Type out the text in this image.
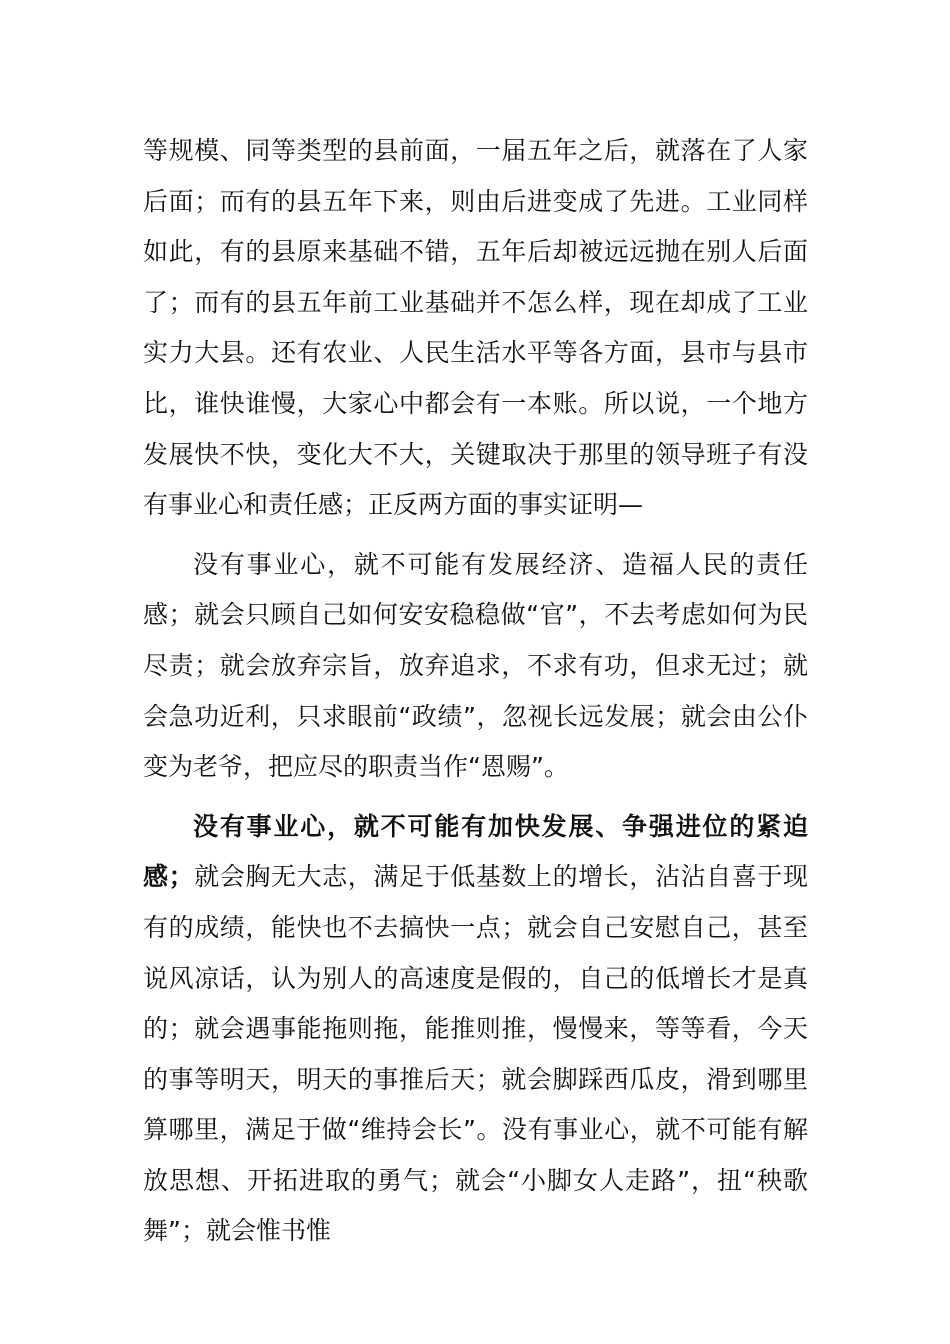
等规模、同等类型的县前面，一届五年之后，就落在了人家后面；而有的县五年下来，则由后进变成了先进。工业同样如此，有的县原来基础不错，五年后却被远远抛在别人后面了；而有的县五年前工业基础并不怎么样，现在却成了工业实力大县。还有农业、人民生活水平等各方面，县市与县市比，谁快谁慢，大家心中都会有一本账。所以说，一个地方发展快不快，变化大不大，关键取决于那里的领导班子有没有事业心和责任感；正反两方面的事实证明—

没有事业心，就不可能有发展经济、造福人民的责任感；就会只顾自己如何安安稳稳做“官”，不去考虑如何为民尽责；就会放弃宗旨，放弃追求，不求有功，但求无过；就会急功近利，只求眼前“政绩”，忽视长远发展；就会由公仆变为老爷，把应尽的职责当作“恩赐”。

没有事业心，就不可能有加快发展、争强进位的紧迫感；就会胸无大志，满足于低基数上的增长，沾沾自喜于现有的成绩，能快也不去搞快一点；就会自己安慰自己，甚至说风凉话，认为别人的高速度是假的，自己的低增长才是真的；就会遇事能拖则拖，能推则推，慢慢来，等等看，今天的事等明天，明天的事推后天；就会脚踩西瓜皮，滑到哪里算哪里，满足于做“维持会长”。没有事业心，就不可能有解放思想、开拓进取的勇气；就会“小脚女人走路”，扭“秧歌舞”；就会惟书惟
